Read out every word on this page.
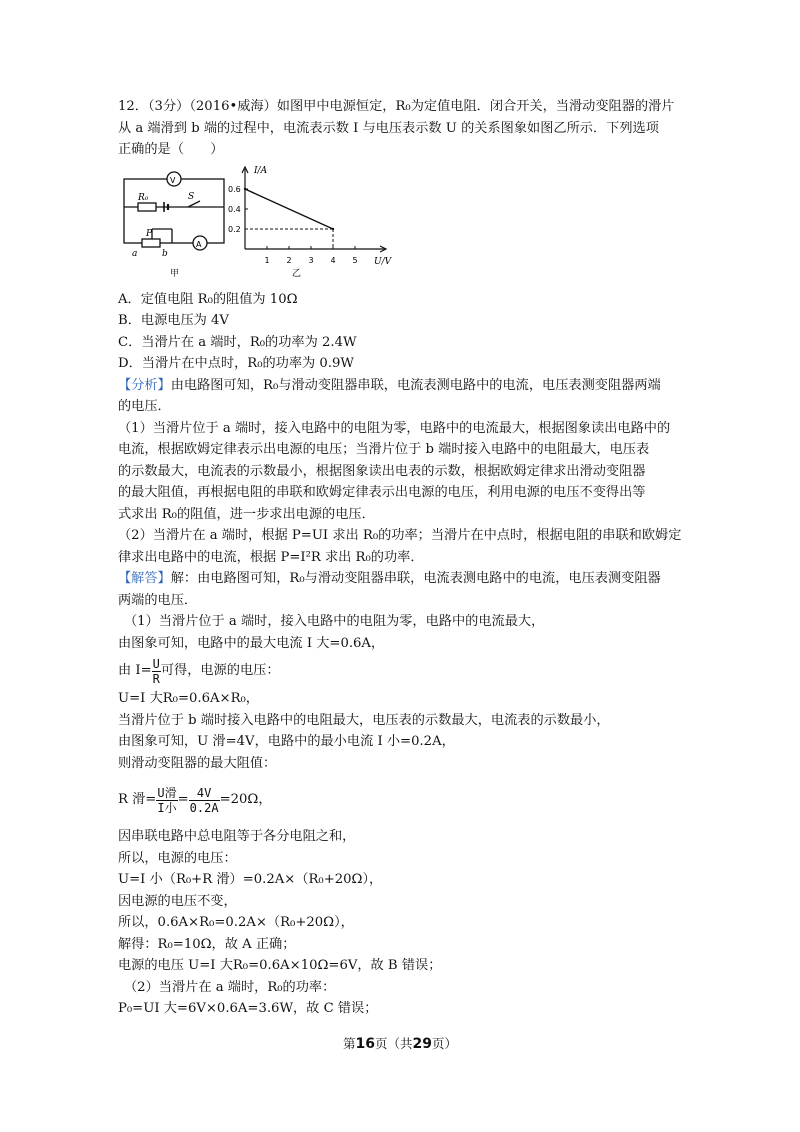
12．（3分）（2016•威海）如图甲中电源恒定，R₀为定值电阻．闭合开关，当滑动变阻器的滑片
从 a 端滑到 b 端的过程中，电流表示数 I 与电压表示数 U 的关系图象如图乙所示．下列选项
正确的是（　　）
V
A
R₀	S
P
a	b
甲
0.6
0.4
0.2
1 2 3 4 5
I/A
U/V
乙
A．定值电阻 R₀的阻值为 10Ω
B．电源电压为 4V
C．当滑片在 a 端时，R₀的功率为 2.4W
D．当滑片在中点时，R₀的功率为 0.9W
【分析】由电路图可知，R₀与滑动变阻器串联，电流表测电路中的电流，电压表测变阻器两端
的电压．
（1）当滑片位于 a 端时，接入电路中的电阻为零，电路中的电流最大，根据图象读出电路中的
电流，根据欧姆定律表示出电源的电压；当滑片位于 b 端时接入电路中的电阻最大，电压表
的示数最大，电流表的示数最小，根据图象读出电表的示数，根据欧姆定律求出滑动变阻器
的最大阻值，再根据电阻的串联和欧姆定律表示出电源的电压，利用电源的电压不变得出等
式求出 R₀的阻值，进一步求出电源的电压．
（2）当滑片在 a 端时，根据 P=UI 求出 R₀的功率；当滑片在中点时，根据电阻的串联和欧姆定
律求出电路中的电流，根据 P=I²R 求出 R₀的功率．
【解答】解：由电路图可知，R₀与滑动变阻器串联，电流表测电路中的电流，电压表测变阻器
两端的电压．
（1）当滑片位于 a 端时，接入电路中的电阻为零，电路中的电流最大，
由图象可知，电路中的最大电流 I 大=0.6A，
由 $I= \frac{U}{R}$ 可得，电源的电压：
U=I 大R₀=0.6A×R₀，
当滑片位于 b 端时接入电路中的电阻最大，电压表的示数最大，电流表的示数最小，
由图象可知，U 滑=4V，电路中的最小电流 I 小=0.2A，
则滑动变阻器的最大阻值：
R 滑= $\frac{\text{U滑}}{\text{I小}} = \frac{4V}{0.2A} =20\Omega$，
因串联电路中总电阻等于各分电阻之和，
所以，电源的电压：
U=I 小（R₀+R 滑）=0.2A×（R₀+20Ω），
因电源的电压不变，
所以，0.6A×R₀=0.2A×（R₀+20Ω），
解得：R₀=10Ω，故 A 正确；
电源的电压 U=I 大R₀=0.6A×10Ω=6V，故 B 错误；
（2）当滑片在 a 端时，R₀的功率：
P₀=UI 大=6V×0.6A=3.6W，故 C 错误；
第16页（共29页）
